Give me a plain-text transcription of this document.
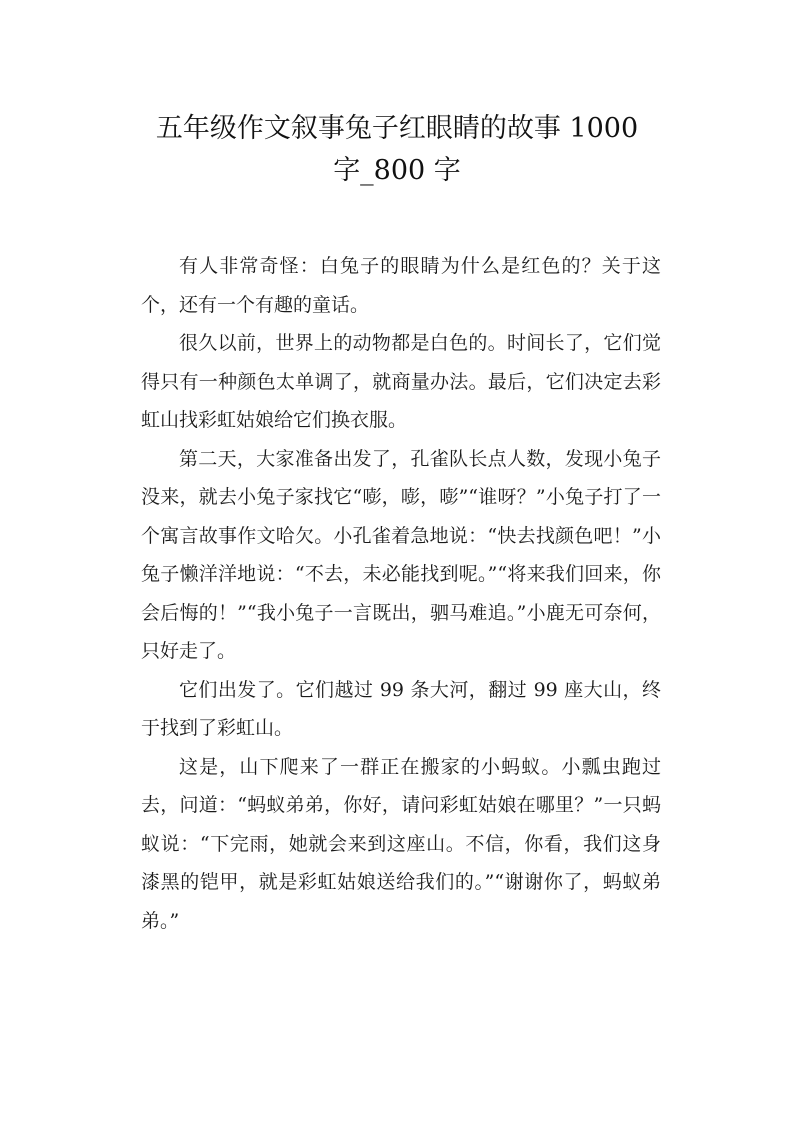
五年级作文叙事兔子红眼睛的故事 1000
字_800 字

有人非常奇怪：白兔子的眼睛为什么是红色的？关于这个，还有一个有趣的童话。

很久以前，世界上的动物都是白色的。时间长了，它们觉得只有一种颜色太单调了，就商量办法。最后，它们决定去彩虹山找彩虹姑娘给它们换衣服。

第二天，大家准备出发了，孔雀队长点人数，发现小兔子没来，就去小兔子家找它“嘭，嘭，嘭”“谁呀？”小兔子打了一个寓言故事作文哈欠。小孔雀着急地说：“快去找颜色吧！”小兔子懒洋洋地说：“不去，未必能找到呢。”“将来我们回来，你会后悔的！”“我小兔子一言既出，驷马难追。”小鹿无可奈何，只好走了。

它们出发了。它们越过 99 条大河，翻过 99 座大山，终于找到了彩虹山。

这是，山下爬来了一群正在搬家的小蚂蚁。小瓢虫跑过去，问道：“蚂蚁弟弟，你好，请问彩虹姑娘在哪里？”一只蚂蚁说：“下完雨，她就会来到这座山。不信，你看，我们这身漆黑的铠甲，就是彩虹姑娘送给我们的。”“谢谢你了，蚂蚁弟弟。”
